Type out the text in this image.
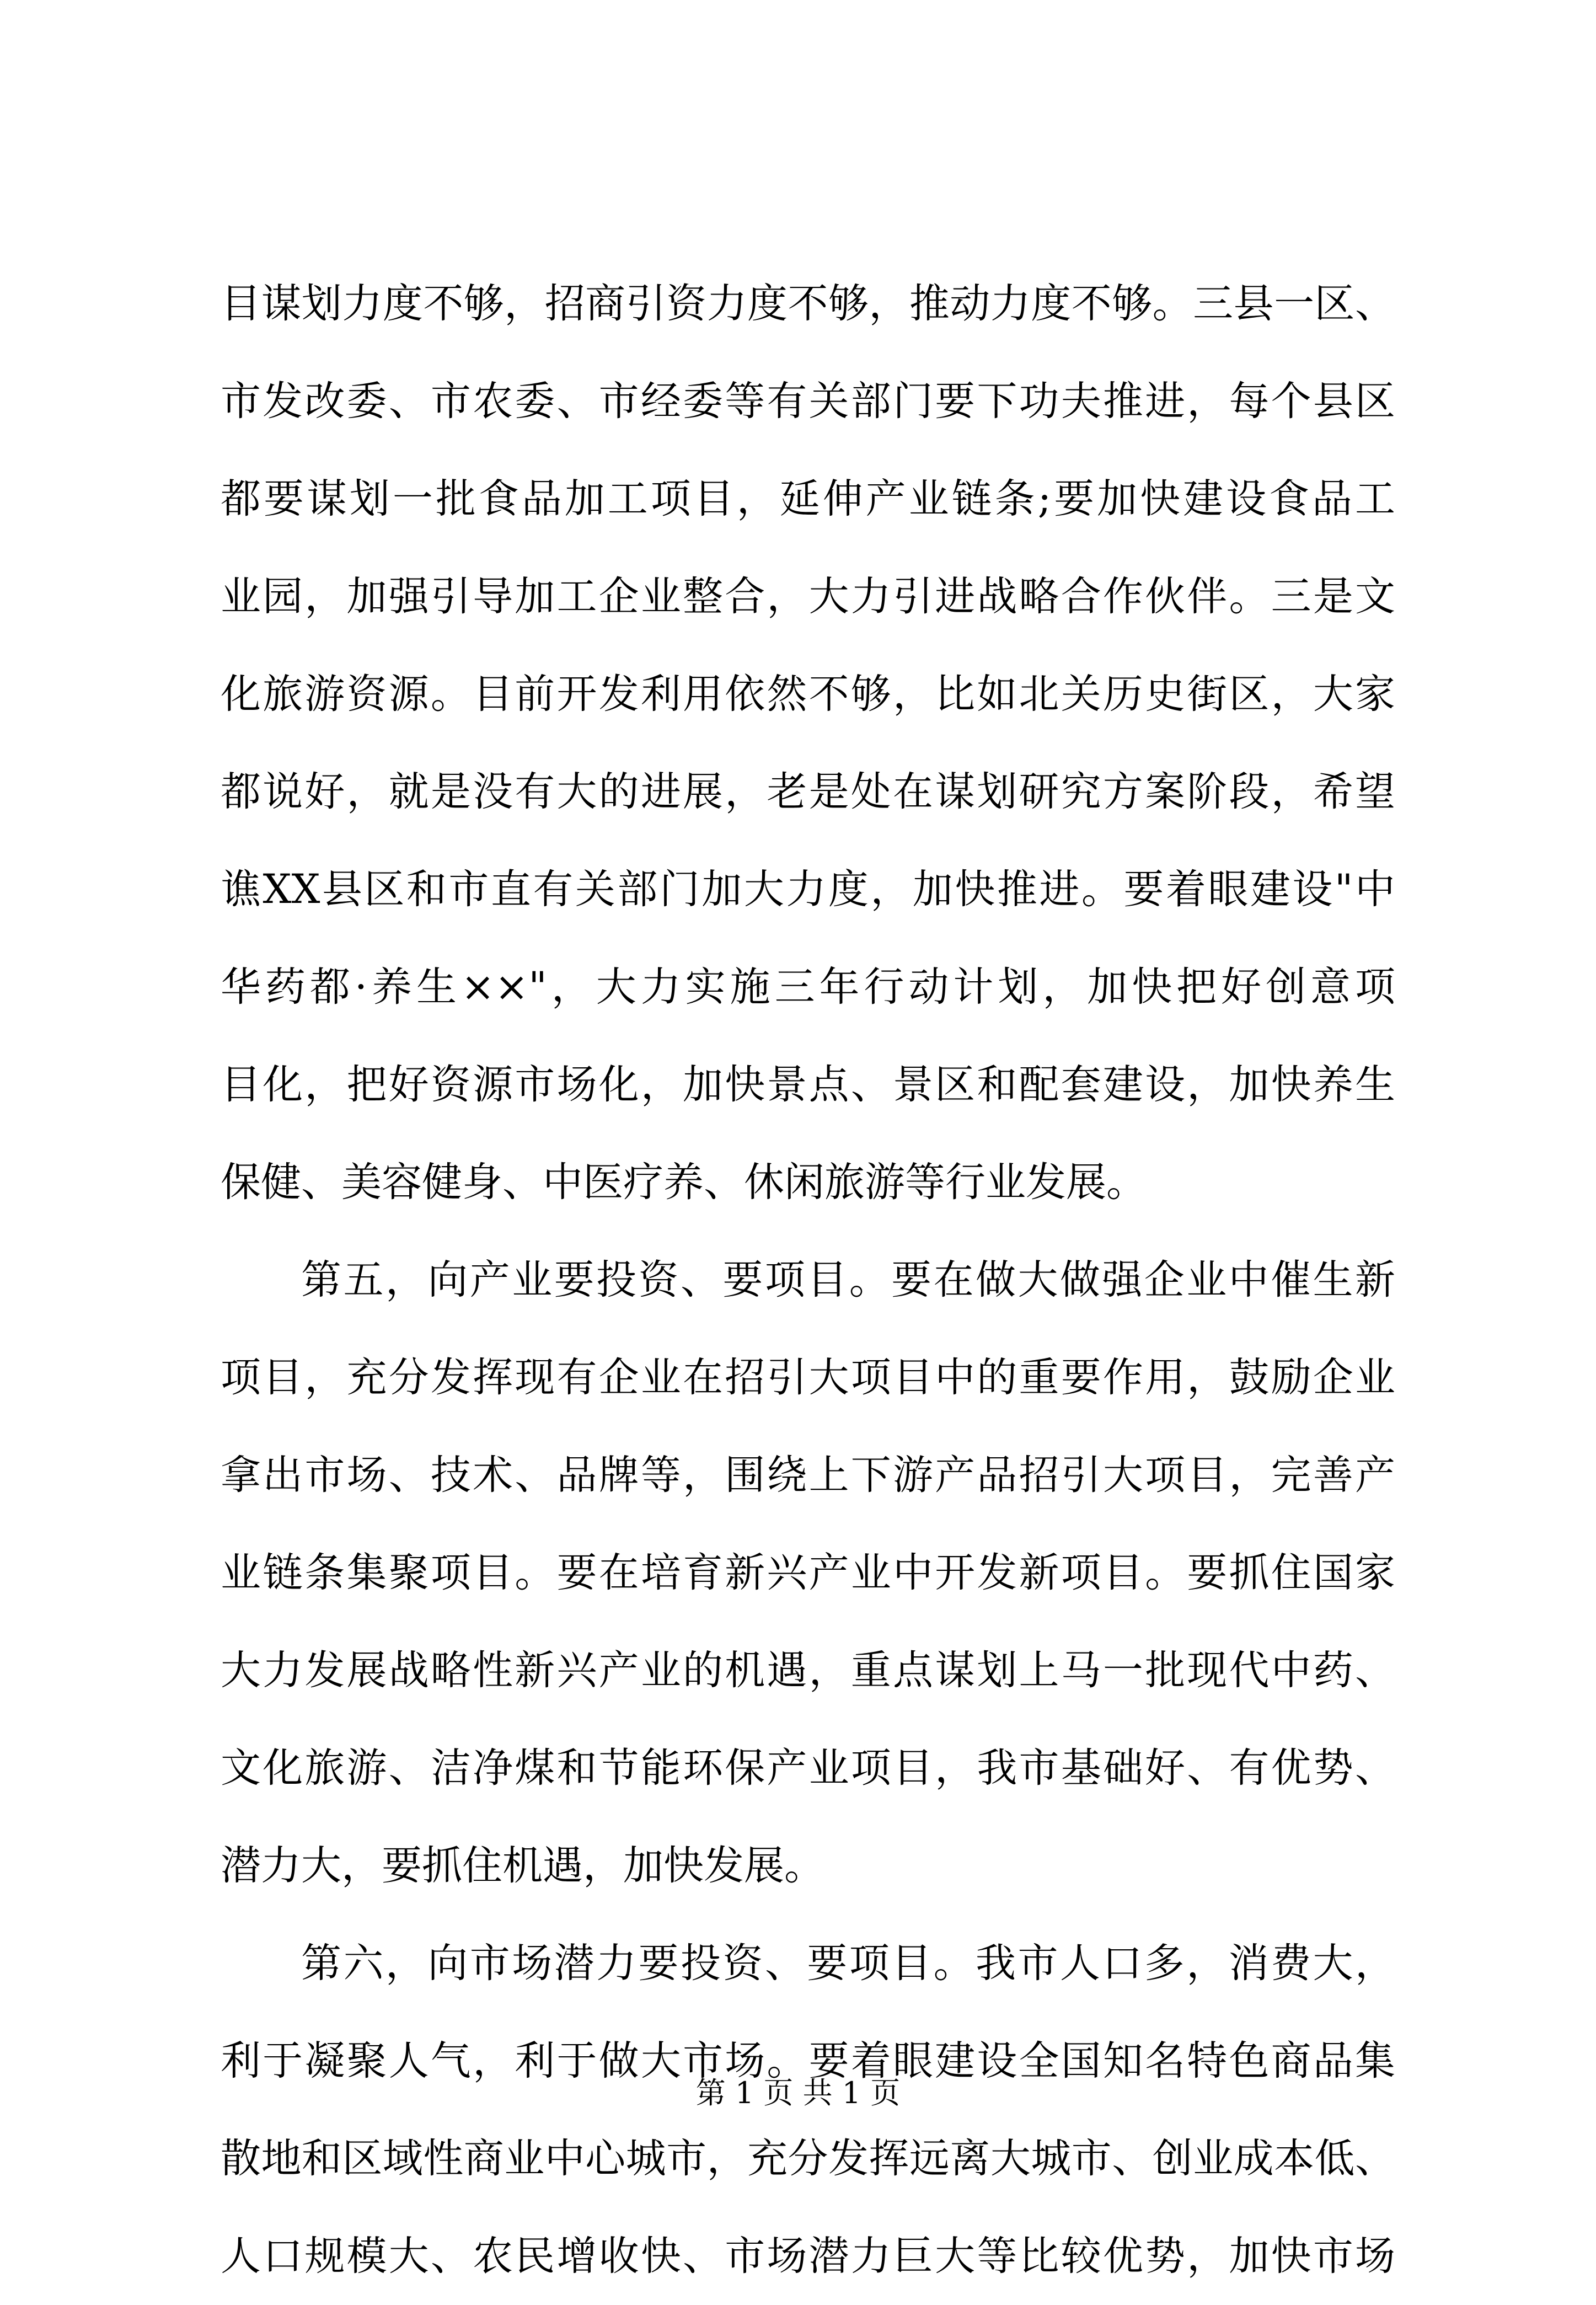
目谋划力度不够，招商引资力度不够，推动力度不够。三县一区、
市发改委、市农委、市经委等有关部门要下功夫推进，每个县区
都要谋划一批食品加工项目，延伸产业链条;要加快建设食品工
业园，加强引导加工企业整合，大力引进战略合作伙伴。三是文
化旅游资源。目前开发利用依然不够，比如北关历史街区，大家
都说好，就是没有大的进展，老是处在谋划研究方案阶段，希望
谯XX县区和市直有关部门加大力度，加快推进。要着眼建设"中
华药都·养生××"，大力实施三年行动计划，加快把好创意项
目化，把好资源市场化，加快景点、景区和配套建设，加快养生
保健、美容健身、中医疗养、休闲旅游等行业发展。
第五，向产业要投资、要项目。要在做大做强企业中催生新
项目，充分发挥现有企业在招引大项目中的重要作用，鼓励企业
拿出市场、技术、品牌等，围绕上下游产品招引大项目，完善产
业链条集聚项目。要在培育新兴产业中开发新项目。要抓住国家
大力发展战略性新兴产业的机遇，重点谋划上马一批现代中药、
文化旅游、洁净煤和节能环保产业项目，我市基础好、有优势、
潜力大，要抓住机遇，加快发展。
第六，向市场潜力要投资、要项目。我市人口多，消费大，
利于凝聚人气，利于做大市场。要着眼建设全国知名特色商品集
散地和区域性商业中心城市，充分发挥远离大城市、创业成本低、
人口规模大、农民增收快、市场潜力巨大等比较优势，加快市场
第 1 页 共 1 页
